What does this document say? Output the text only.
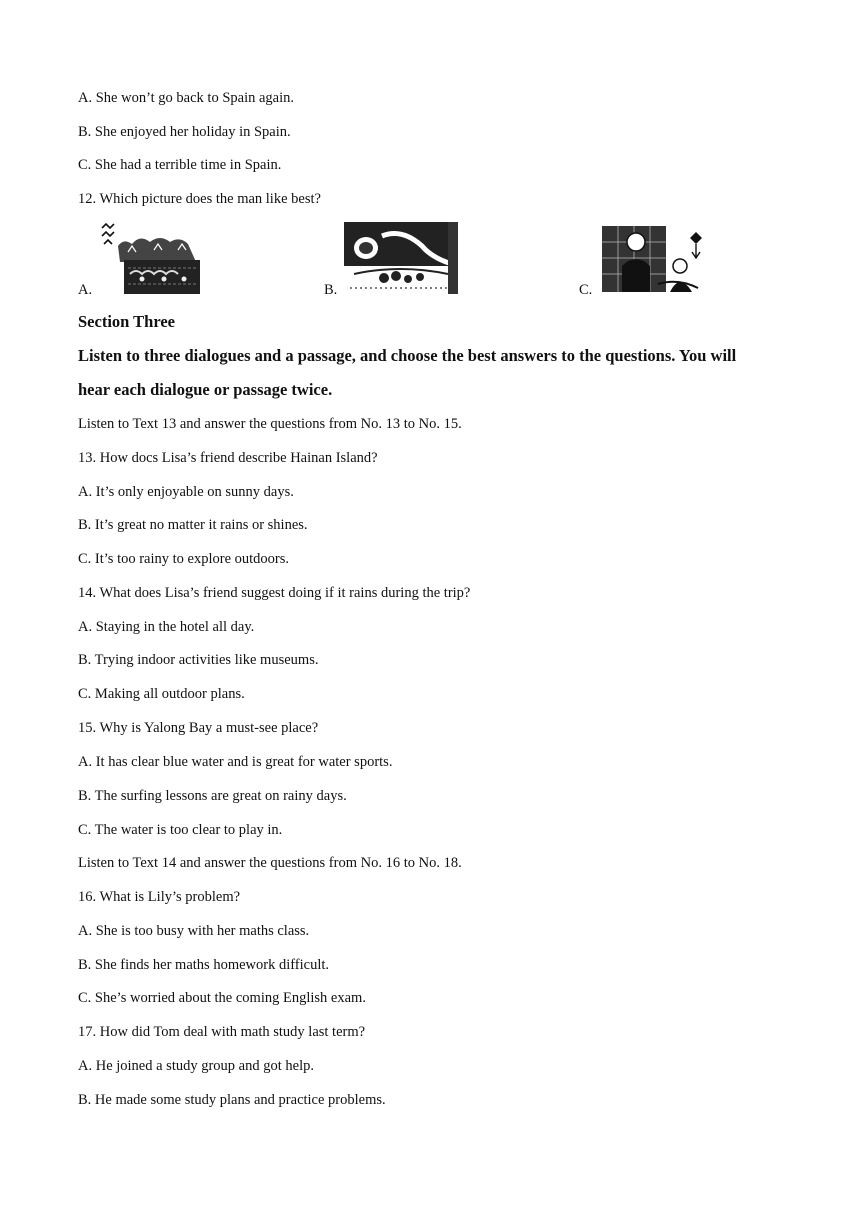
A. She won’t go back to Spain again.
B. She enjoyed her holiday in Spain.
C. She had a terrible time in Spain.
12. Which picture does the man like best?
A.	B.	C.
Section Three
Listen to three dialogues and a passage, and choose the best answers to the questions. You will
hear each dialogue or passage twice.
Listen to Text 13 and answer the questions from No. 13 to No. 15.
13. How docs Lisa’s friend describe Hainan Island?
A. It’s only enjoyable on sunny days.
B. It’s great no matter it rains or shines.
C. It’s too rainy to explore outdoors.
14. What does Lisa’s friend suggest doing if it rains during the trip?
A. Staying in the hotel all day.
B. Trying indoor activities like museums.
C. Making all outdoor plans.
15. Why is Yalong Bay a must-see place?
A. It has clear blue water and is great for water sports.
B. The surfing lessons are great on rainy days.
C. The water is too clear to play in.
Listen to Text 14 and answer the questions from No. 16 to No. 18.
16. What is Lily’s problem?
A. She is too busy with her maths class.
B. She finds her maths homework difficult.
C. She’s worried about the coming English exam.
17. How did Tom deal with math study last term?
A. He joined a study group and got help.
B. He made some study plans and practice problems.
